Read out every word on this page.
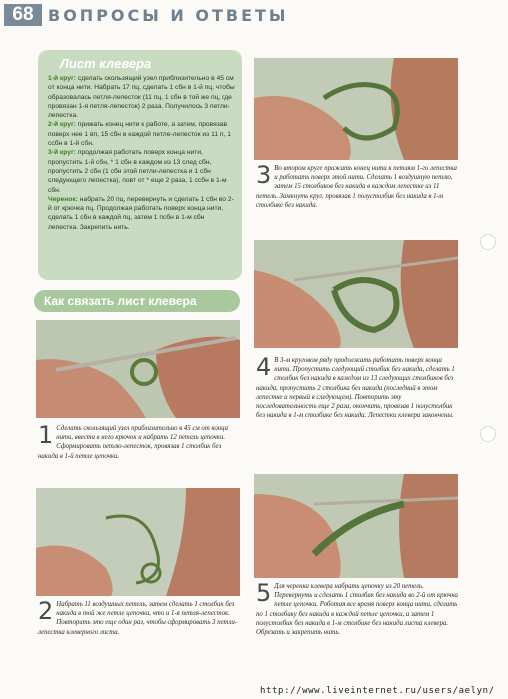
68 ВОПРОСЫ И ОТВЕТЫ
Лист клевера

1-й круг: сделать скользящий узел приблизительно в 45 см от конца нити. Набрать 17 пц, сделать 1 сбн в 1-й пц, чтобы образовалась петля-лепесток (11 пц, 1 сбн в той же пц, где провязан 1-я петля-лепесток) 2 раза. Получилось 3 петли-лепестка.
2-й круг: прижать конец нити к работе, а затем, провязав поверх нее 1 вп, 15 сбн в каждой петле-лепесток из 11 п, 1 ссбн в 1-й сбн.
3-й круг: продолжая работать поверх конца нити, пропустить 1-й сбн, * 1 сбн в каждом из 13 след сбн, пропустить 2 сбн (1 сбн этой петли-лепестка и 1 сбн следующего лепестка), повт от * еще 2 раза, 1 ссбн в 1-м сбн.
Черенок: набрать 20 пц, перевернуть и сделать 1 сбн во 2-й от крючка пц. Продолжая работать поверх конца нити, сделать 1 сбн в каждой пц, затем 1 псбн в 1-м сбн лепестка. Закрепить нить.

Как связать лист клевера
1 Сделать скользящий узел приблизительно в 45 см от конца нити, ввести в него крючок и набрать 12 петель цепочки. Сформировать петлю-лепесток, провязав 1 столбик без накида в 1-й петле цепочки.
2 Набрать 11 воздушных петель, затем сделать 1 столбик без накида в той же петле цепочки, что и 1-я петля-лепесток. Повторить это еще один раз, чтобы сформировать 3 петли-лепестка клеверного листа.
3 Во втором круге прижать конец нити к петлям 1-го лепестка и работать поверх этой нити. Сделать 1 воздушную петлю, затем 15 столбиков без накида в каждом лепестке из 11 петель. Замкнуть круг, провязав 1 полустолбик без накида в 1-м столбике без накида.
4 В 3-м круговом ряду продолжать работать поверх конца нити. Пропустить следующий столбик без накида, сделать 1 столбик без накида в каждом из 13 следующих столбиков без накида, пропустить 2 столбика без накида (последний в этом лепестке и первый в следующем). Повторить эту последовательность еще 2 раза, окончить, провязав 1 полустолбик без накида в 1-м столбике без накида. Лепестки клевера закончены.
5 Для черенка клевера набрать цепочку из 20 петель. Перевернуть и сделать 1 столбик без накида во 2-й от крючка петле цепочки. Роботая все время поверх конца нити, сделать по 1 столбику без накида в каждой петле цепочки, а затем 1 полустолбик без накида в 1-м столбике без накида листа клевера. Обрезать и закрепить нить.
http://www.liveinternet.ru/users/aelyn/
